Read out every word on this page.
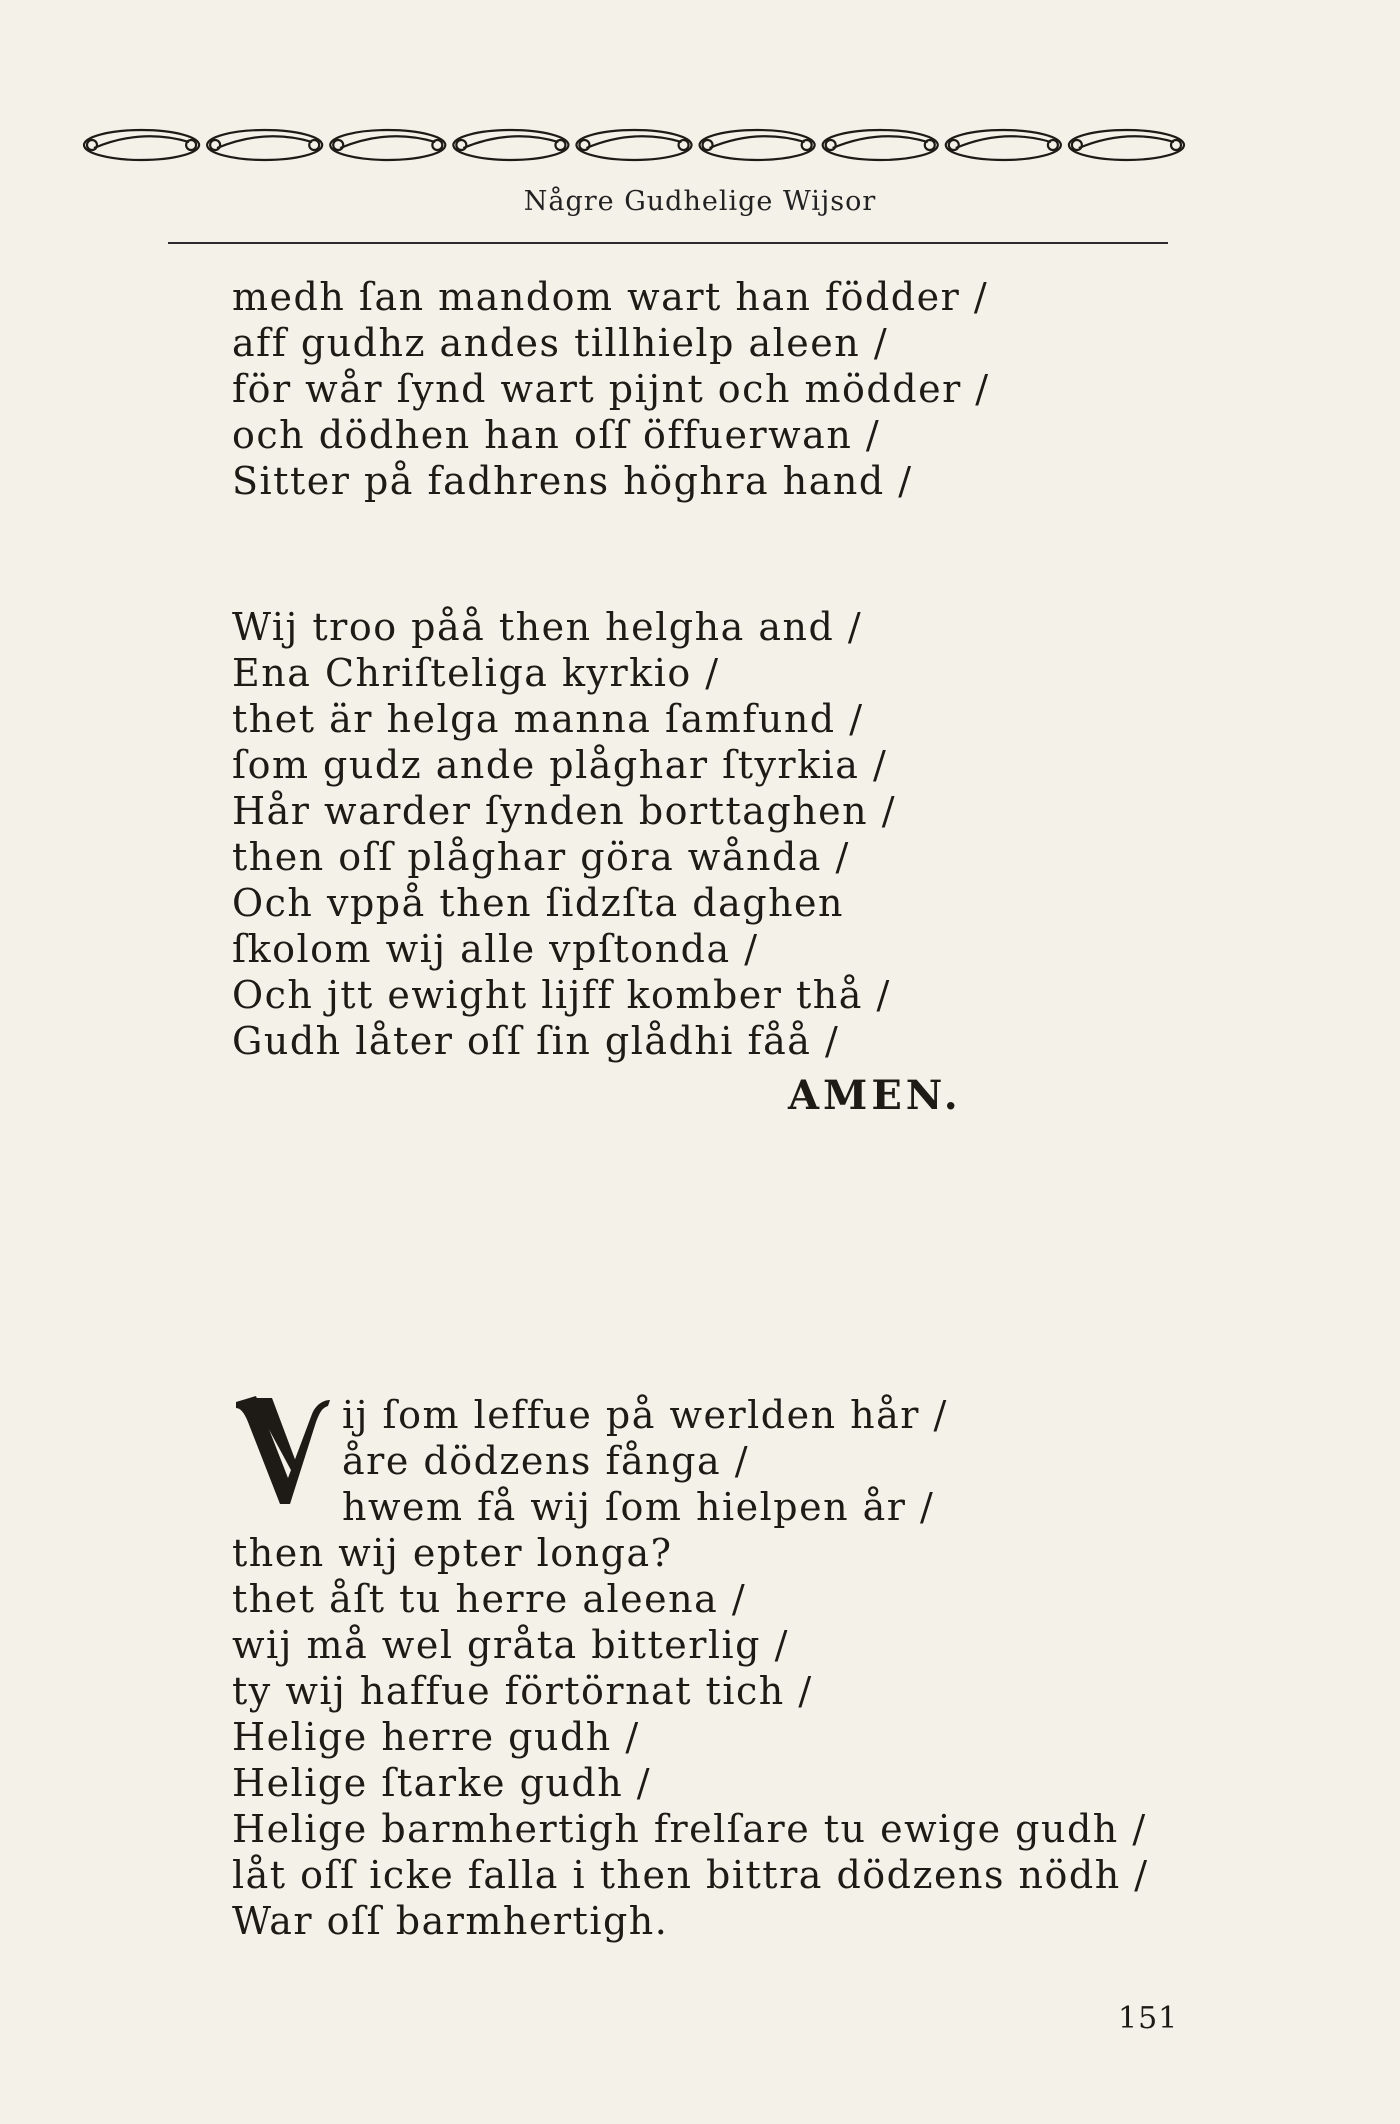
Någre Gudhelige Wijsor
medh ſan mandom wart han födder /
aff gudhz andes tillhielp aleen /
för wår ſynd wart pijnt och mödder /
och dödhen han oſſ öffuerwan /
Sitter på fadhrens höghra hand /
Wij troo påå then helgha and /
Ena Chriſteliga kyrkio /
thet är helga manna ſamfund /
ſom gudz ande plåghar ſtyrkia /
Hår warder ſynden borttaghen /
then oſſ plåghar göra wånda /
Och vppå then ſidzſta daghen
ſkolom wij alle vpſtonda /
Och jtt ewight lijff komber thå /
Gudh låter oſſ ſin glådhi fåå /
AMEN.
V ij ſom leffue på werlden hår /
åre dödzens fånga /
hwem få wij ſom hielpen år /
then wij epter longa?
thet åſt tu herre aleena /
wij må wel gråta bitterlig /
ty wij haffue förtörnat tich /
Helige herre gudh /
Helige ſtarke gudh /
Helige barmhertigh frelſare tu ewige gudh /
låt oſſ icke falla i then bittra dödzens nödh /
War oſſ barmhertigh.
151
